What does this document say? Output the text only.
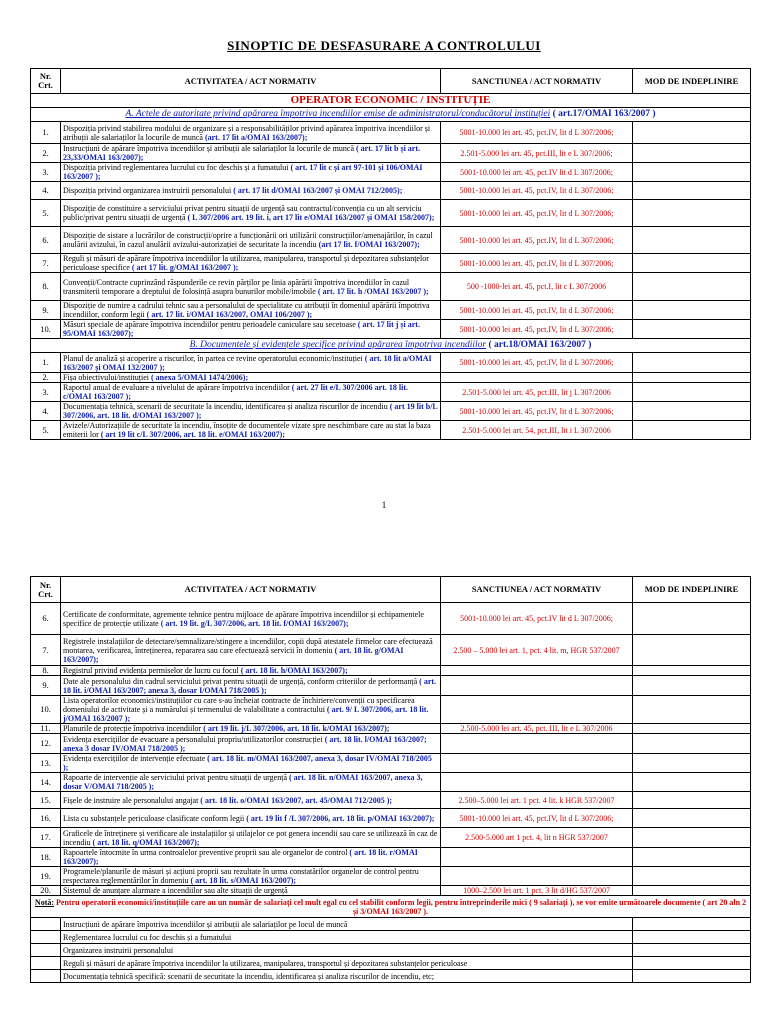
SINOPTIC DE DESFASURARE A CONTROLULUI
Nr. Crt.	ACTIVITATEA / ACT NORMATIV	SANCTIUNEA / ACT NORMATIV	MOD DE INDEPLINIRE
OPERATOR ECONOMIC / INSTITUȚIE			
A. Actele de autoritate privind apărarea împotriva incendiilor emise de administratorul/conducătorul instituției ( art.17/OMAI 163/2007 )			
1.	Dispoziția privind stabilirea modului de organizare și a responsabilităților privind apărarea împotriva incendiilor și atribuții ale salariaților la locurile de muncă (art. 17 lit a/OMAI 163/2007);	5001-10.000 lei art. 45, pct.IV, lit d L 307/2006;	
2.	Instrucțiuni de apărare împotriva incendiilor și atribuții ale salariaților la locurile de muncă ( art. 17 lit b și art. 23,33/OMAI 163/2007);	2.501-5.000 lei art. 45, pct.III, lit e L 307/2006;	
3.	Dispoziția privind reglementarea lucrului cu foc deschis și a fumatului ( art. 17 lit c și art 97-101 și 106/OMAI 163/2007 );	5001-10.000 lei art. 45, pct.IV lit d L 307/2006;	
4.	Dispoziția privind organizarea instruirii personalului ( art. 17 lit d/OMAI 163/2007 și OMAI 712/2005);	5001-10.000 lei art. 45, pct.IV, lit d L 307/2006;	
5.	Dispoziție de constituire a serviciului privat pentru situații de urgență sau contractul/convenția cu un alt serviciu public/privat pentru situații de urgență ( L 307/2006 art. 19 lit. i, art 17 lit e/OMAI 163/2007 și OMAI 158/2007);	5001-10.000 lei art. 45, pct.IV, lit d L 307/2006;	
6.	Dispoziție de sistare a lucrărilor de construcții/oprire a funcționării ori utilizării construcțiilor/amenajărilor, în cazul anulării avizului, în cazul anulării avizului-autorizației de securitate la incendiu (art 17 lit. f/OMAI 163/2007);	5001-10.000 lei art. 45, pct.IV, lit d L 307/2006;	
7.	Reguli și măsuri de apărare împotriva incendiilor la utilizarea, manipularea, transportul și depozitarea substanțelor periculoase specifice ( art 17 lit. g/OMAI 163/2007 );	5001-10.000 lei art. 45, pct.IV, lit d L 307/2006;	
8.	Convenții/Contracte cuprinzând răspunderile ce revin părților pe linia apărării împotriva incendiilor în cazul transmiterii temporare a dreptului de folosință asupra bunurilor mobile/imobile ( art. 17 lit. h /OMAI 163/2007 );	500 -1000-lei art. 45, pct.I, lit c L 307/2006	
9.	Dispoziție de numire a cadrului tehnic sau a personalului de specialitate cu atribuții în domeniul apărării împotriva incendiilor, conform legii ( art. 17 lit. i/OMAI 163/2007, OMAI 106/2007 );	5001-10.000 lei art. 45, pct.IV, lit d L 307/2006;	
10.	Măsuri speciale de apărare împotriva incendiilor pentru perioadele caniculare sau secetoase ( art. 17 lit j și art. 95/OMAI 163/2007);	5001-10.000 lei art. 45, pct.IV, lit d L 307/2006;	
B. Documentele și evidențele specifice privind apărarea împotriva incendiilor ( art.18/OMAI 163/2007 )			
1.	Planul de analiză și acoperire a riscurilor, în partea ce revine operatorului economic/instituției ( art. 18 lit a/OMAI 163/2007 și OMAI 132/2007 );	5001-10.000 lei art. 45, pct.IV, lit d L 307/2006;	
2.	Fișa obiectivului/instituției ( anexa 5/OMAI 1474/2006);		
3.	Raportul anual de evaluare a nivelului de apărare împotriva incendiilor ( art. 27 lit e/L 307/2006 art. 18 lit. c/OMAI 163/2007 );	2.501-5.000 lei art. 45, pct.III, lit j L 307/2006	
4.	Documentația tehnică, scenarii de securitate la incendiu, identificarea și analiza riscurilor de incendiu ( art 19 lit b/L 307/2006, art. 18 lit. d/OMAI 163/2007 );	5001-10.000 lei art. 45, pct.IV, lit d L 307/2006;	
5.	Avizele/Autorizațiile de securitate la incendiu, însoțite de documentele vizate spre neschimbare care au stat la baza emiterii lor ( art 19 lit c/L 307/2006, art. 18 lit. e/OMAI 163/2007);	2.501-5.000 lei art. 54, pct.III, lit i L 307/2006	
1
Nr. Crt.	ACTIVITATEA / ACT NORMATIV	SANCTIUNEA / ACT NORMATIV	MOD DE INDEPLINIRE
6.	Certificate de conformitate, agremente tehnice pentru mijloace de apărare împotriva incendiilor și echipamentele specifice de protecție utilizate ( art. 19 lit. g/L 307/2006, art. 18 lit. f/OMAI 163/2007);	5001-10.000 lei art. 45, pct.IV lit d L 307/2006;	
7.	Registrele instalațiilor de detectare/semnalizare/stingere a incendiilor, copii după atestatele firmelor care efectuează montarea, verificarea, întreținerea, repararea sau care efectuează servicii în domeniu ( art. 18 lit. g/OMAI 163/2007);	2.500 – 5.000 lei art. 1, pct. 4 lit. m, HGR 537/2007	
8.	Registrul privind evidența permiselor de lucru cu focul ( art. 18 lit. h/OMAI 163/2007);		
9.	Date ale personalului din cadrul serviciului privat pentru situații de urgență, conform criteriilor de performanță ( art. 18 lit. i/OMAI 163/2007; anexa 3, dosar I/OMAI 718/2005 );		
10.	Lista operatorilor economici/instituțiilor cu care s-au încheiat contracte de închiriere/convenții cu specificarea domeniului de activitate și a numărului și termenului de valabilitate a contractului ( art. 9/ L 307/2006, art. 18 lit. j/OMAI 163/2007 );		
11.	Planurile de protecție împotriva incendiilor ( art 19 lit. j/L 307/2006, art. 18 lit. k/OMAI 163/2007);	2.500-5.000 lei art. 45, pct. III, lit e L 307/2006	
12.	Evidența exercițiilor de evacuare a personalului propriu/utilizatorilor construcției ( art. 18 lit. l/OMAI 163/2007; anexa 3 dosar IV/OMAI 718/2005 );		
13.	Evidența exercițiilor de intervenție efectuate ( art. 18 lit. m/OMAI 163/2007, anexa 3, dosar IV/OMAI 718/2005 );		
14.	Rapoarte de intervenție ale serviciului privat pentru situații de urgență ( art. 18 lit. n/OMAI 163/2007, anexa 3, dosar V/OMAI 718/2005 );		
15.	Fișele de instruire ale personalului angajat ( art. 18 lit. o/OMAI 163/2007, art. 45/OMAI 712/2005 );	2.500–5.000 lei art. 1 pct. 4 lit. k HGR 537/2007	
16.	Lista cu substanțele periculoase clasificate conform legii ( art. 19 lit f /L 307/2006, art. 18 lit. p/OMAI 163/2007);	5001-10.000 lei art. 45, pct.IV, lit d L 307/2006;	
17.	Graficele de întreținere și verificare ale instalațiilor și utilajelor ce pot genera incendii sau care se utilizează în caz de incendiu ( art. 18 lit. q/OMAI 163/2007);	2.500-5.000 art 1 pct. 4, lit n HGR 537/2007	
18.	Rapoartele întocmite în urma controalelor preventive proprii sau ale organelor de control ( art. 18 lit. r/OMAI 163/2007);		
19.	Programele/planurile de măsuri și acțiuni proprii sau rezultate în urma constatărilor organelor de control pentru respectarea reglementărilor în domeniu ( art. 18 lit. s/OMAI 163/2007);		
20.	Sistemul de anunțare alarmare a incendiilor sau alte situații de urgență	1000–2.500 lei art. 1 pct. 3 lit d/HG 537/2007	
Notă: Pentru operatorii economici/instituțiile care au un număr de salariați cel mult egal cu cel stabilit conform legii, pentru întreprinderile mici ( 9 salariați ), se vor emite următoarele documente ( art 20 aln 2 și 3/OMAI 163/2007 ).			
	Instrucțiuni de apărare împotriva incendiilor și atribuții ale salariaților pe locul de muncă		
	Reglementarea lucrului cu foc deschis și a fumatului		
	Organizarea instruirii personalului		
	Reguli și măsuri de apărare împotriva incendiilor la utilizarea, manipularea, transportul și depozitarea substanțelor periculoase		
	Documentația tehnică specifică: scenarii de securitate la incendiu, identificarea și analiza riscurilor de incendiu, etc;		
